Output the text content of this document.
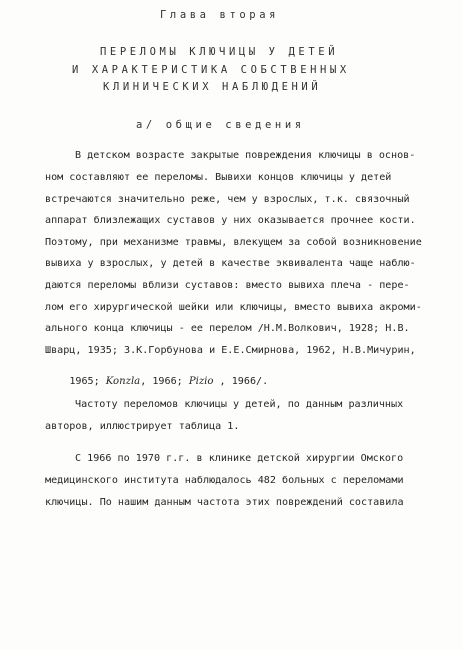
Глава вторая
ПЕРЕЛОМЫ КЛЮЧИЦЫ У ДЕТЕЙ
И ХАРАКТЕРИСТИКА СОБСТВЕННЫХ
КЛИНИЧЕСКИХ НАБЛЮДЕНИЙ
а/ общие сведения
В детском возрасте закрытые повреждения ключицы в основ-
ном составляют ее переломы. Вывихи концов ключицы у детей
встречаются значительно реже, чем у взрослых, т.к. связочный
аппарат близлежащих суставов у них оказывается прочнее кости.
Поэтому, при механизме травмы, влекущем за собой возникновение
вывиха у взрослых, у детей в качестве эквивалента чаще наблю-
даются переломы вблизи суставов: вместо вывиха плеча - пере-
лом его хирургической шейки или ключицы, вместо вывиха акроми-
ального конца ключицы - ее перелом /Н.М.Волкович, 1928; Н.В.
Шварц, 1935; З.К.Горбунова и Е.Е.Смирнова, 1962, Н.В.Мичурин,

1965; Konzla, 1966; Pizio , 1966/.

Частоту переломов ключицы у детей, по данным различных
авторов, иллюстрирует таблица 1.
С 1966 по 1970 г.г. в клинике детской хирургии Омского
медицинского института наблюдалось 482 больных с переломами
ключицы. По нашим данным частота этих повреждений составила
